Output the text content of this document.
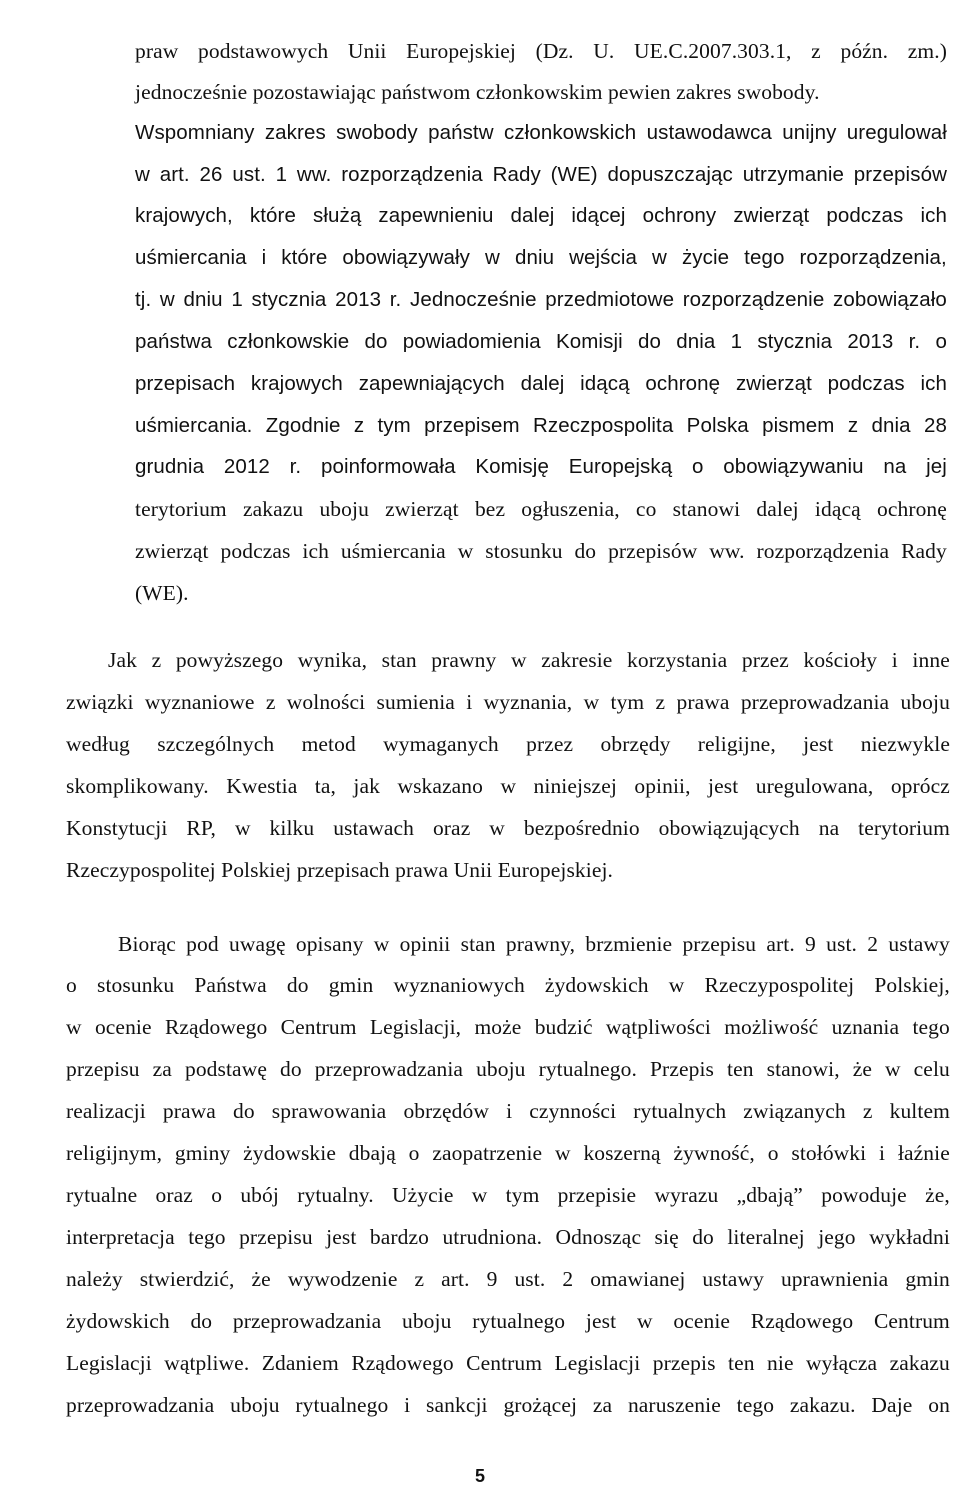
praw podstawowych Unii Europejskiej (Dz. U. UE.C.2007.303.1, z późn. zm.)
jednocześnie pozostawiając państwom członkowskim pewien zakres swobody.
Wspomniany zakres swobody państw członkowskich ustawodawca unijny uregulował
w art. 26 ust. 1 ww. rozporządzenia Rady (WE) dopuszczając utrzymanie przepisów
krajowych, które służą zapewnieniu dalej idącej ochrony zwierząt podczas ich
uśmiercania i które obowiązywały w dniu wejścia w życie tego rozporządzenia,
tj. w dniu 1 stycznia 2013 r. Jednocześnie przedmiotowe rozporządzenie zobowiązało
państwa członkowskie do powiadomienia Komisji do dnia 1 stycznia 2013 r. o
przepisach krajowych zapewniających dalej idącą ochronę zwierząt podczas ich
uśmiercania. Zgodnie z tym przepisem Rzeczpospolita Polska pismem z dnia 28
grudnia 2012 r. poinformowała Komisję Europejską o obowiązywaniu na jej
terytorium zakazu uboju zwierząt bez ogłuszenia, co stanowi dalej idącą ochronę
zwierząt podczas ich uśmiercania w stosunku do przepisów ww. rozporządzenia Rady
(WE).
Jak z powyższego wynika, stan prawny w zakresie korzystania przez kościoły i inne
związki wyznaniowe z wolności sumienia i wyznania, w tym z prawa przeprowadzania uboju
według szczególnych metod wymaganych przez obrzędy religijne, jest niezwykle
skomplikowany. Kwestia ta, jak wskazano w niniejszej opinii, jest uregulowana, oprócz
Konstytucji RP, w kilku ustawach oraz w bezpośrednio obowiązujących na terytorium
Rzeczypospolitej Polskiej przepisach prawa Unii Europejskiej.
Biorąc pod uwagę opisany w opinii stan prawny, brzmienie przepisu art. 9 ust. 2 ustawy
o stosunku Państwa do gmin wyznaniowych żydowskich w Rzeczypospolitej Polskiej,
w ocenie Rządowego Centrum Legislacji, może budzić wątpliwości możliwość uznania tego
przepisu za podstawę do przeprowadzania uboju rytualnego. Przepis ten stanowi, że w celu
realizacji prawa do sprawowania obrzędów i czynności rytualnych związanych z kultem
religijnym, gminy żydowskie dbają o zaopatrzenie w koszerną żywność, o stołówki i łaźnie
rytualne oraz o ubój rytualny. Użycie w tym przepisie wyrazu „dbają” powoduje że,
interpretacja tego przepisu jest bardzo utrudniona. Odnosząc się do literalnej jego wykładni
należy stwierdzić, że wywodzenie z art. 9 ust. 2 omawianej ustawy uprawnienia gmin
żydowskich do przeprowadzania uboju rytualnego jest w ocenie Rządowego Centrum
Legislacji wątpliwe. Zdaniem Rządowego Centrum Legislacji przepis ten nie wyłącza zakazu
przeprowadzania uboju rytualnego i sankcji grożącej za naruszenie tego zakazu. Daje on
5
